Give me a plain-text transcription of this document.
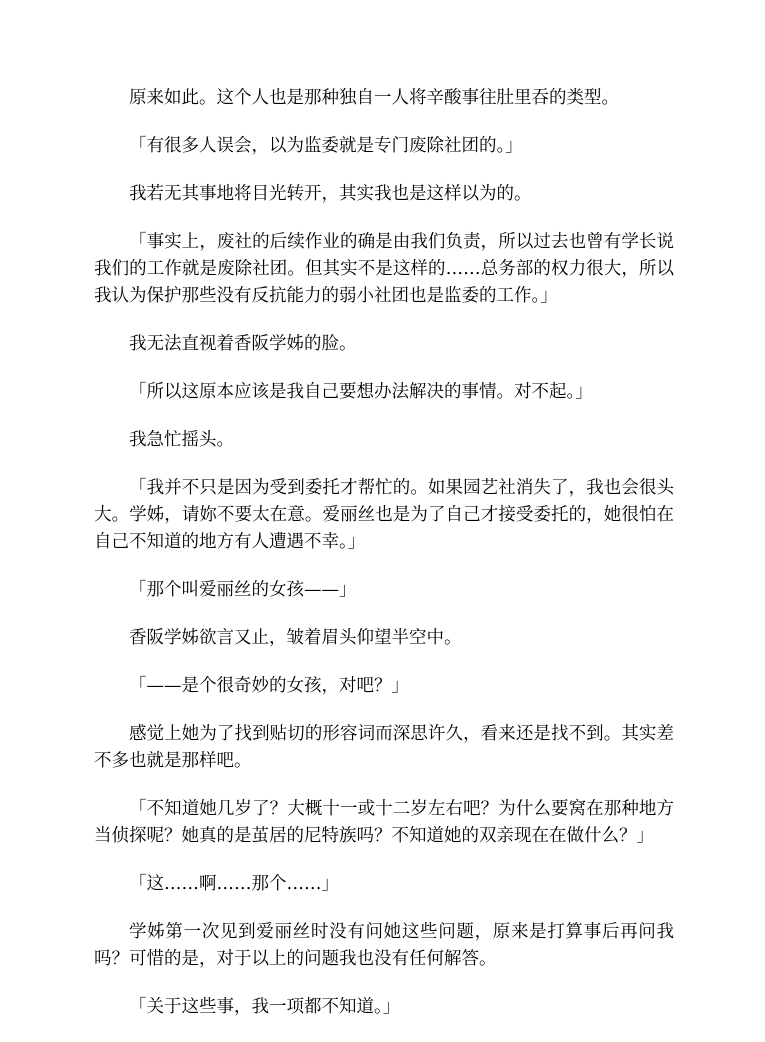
原来如此。这个人也是那种独自一人将辛酸事往肚里吞的类型。

「有很多人误会，以为监委就是专门废除社团的。」

我若无其事地将目光转开，其实我也是这样以为的。

「事实上，废社的后续作业的确是由我们负责，所以过去也曾有学长说我们的工作就是废除社团。但其实不是这样的……总务部的权力很大，所以我认为保护那些没有反抗能力的弱小社团也是监委的工作。」

我无法直视着香阪学姊的脸。

「所以这原本应该是我自己要想办法解决的事情。对不起。」

我急忙摇头。

「我并不只是因为受到委托才帮忙的。如果园艺社消失了，我也会很头大。学姊，请妳不要太在意。爱丽丝也是为了自己才接受委托的，她很怕在自己不知道的地方有人遭遇不幸。」

「那个叫爱丽丝的女孩——」

香阪学姊欲言又止，皱着眉头仰望半空中。

「——是个很奇妙的女孩，对吧？」

感觉上她为了找到贴切的形容词而深思许久，看来还是找不到。其实差不多也就是那样吧。

「不知道她几岁了？大概十一或十二岁左右吧？为什么要窝在那种地方当侦探呢？她真的是茧居的尼特族吗？不知道她的双亲现在在做什么？」

「这……啊……那个……」

学姊第一次见到爱丽丝时没有问她这些问题，原来是打算事后再问我吗？可惜的是，对于以上的问题我也没有任何解答。

「关于这些事，我一项都不知道。」
